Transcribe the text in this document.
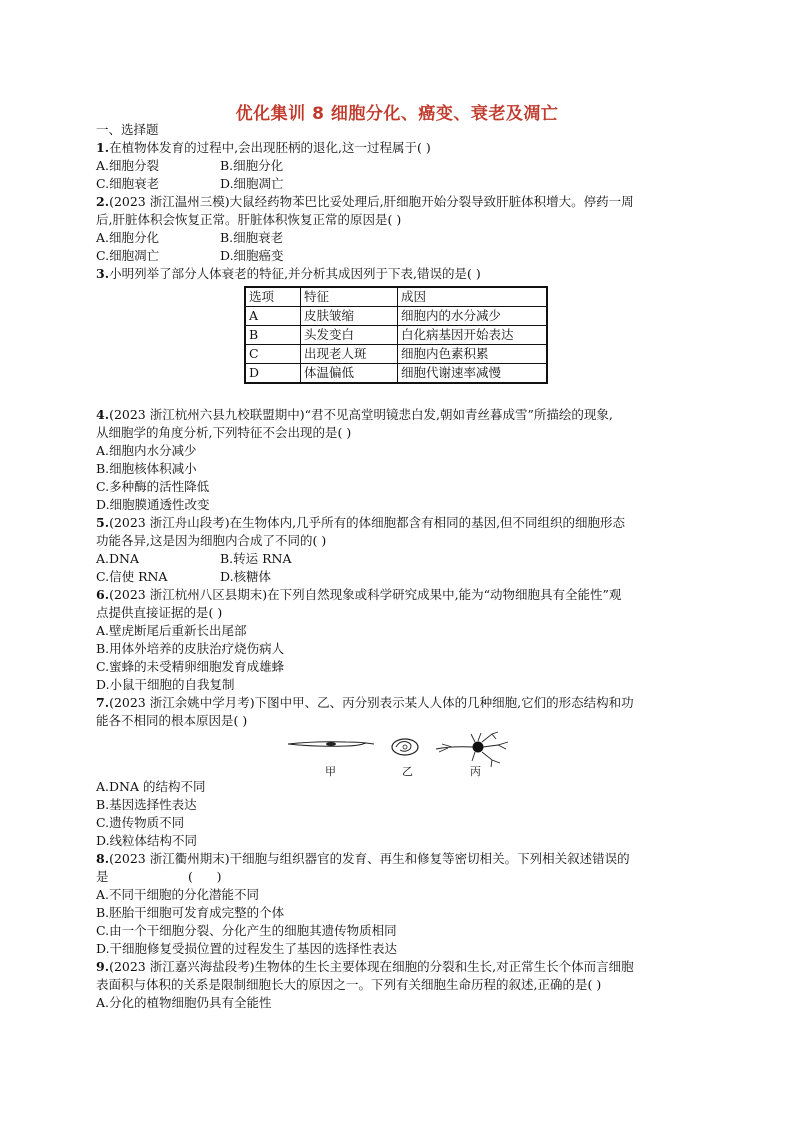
优化集训 8 细胞分化、癌变、衰老及凋亡
一、选择题
1.在植物体发育的过程中,会出现胚柄的退化,这一过程属于( )
A.细胞分裂	B.细胞分化
C.细胞衰老	D.细胞凋亡
2.(2023 浙江温州三模)大鼠经药物苯巴比妥处理后,肝细胞开始分裂导致肝脏体积增大。停药一周
后,肝脏体积会恢复正常。肝脏体积恢复正常的原因是( )
A.细胞分化	B.细胞衰老
C.细胞凋亡	D.细胞癌变
3.小明列举了部分人体衰老的特征,并分析其成因列于下表,错误的是( )
选项	特征	成因
A	皮肤皱缩	细胞内的水分减少
B	头发变白	白化病基因开始表达
C	出现老人斑	细胞内色素积累
D	体温偏低	细胞代谢速率减慢
4.(2023 浙江杭州六县九校联盟期中)“君不见高堂明镜悲白发,朝如青丝暮成雪”所描绘的现象,
从细胞学的角度分析,下列特征不会出现的是( )
A.细胞内水分减少
B.细胞核体积减小
C.多种酶的活性降低
D.细胞膜通透性改变
5.(2023 浙江舟山段考)在生物体内,几乎所有的体细胞都含有相同的基因,但不同组织的细胞形态
功能各异,这是因为细胞内合成了不同的( )
A.DNA	B.转运 RNA
C.信使 RNA	D.核糖体
6.(2023 浙江杭州八区县期末)在下列自然现象或科学研究成果中,能为“动物细胞具有全能性”观
点提供直接证据的是( )
A.壁虎断尾后重新长出尾部
B.用体外培养的皮肤治疗烧伤病人
C.蜜蜂的未受精卵细胞发育成雄蜂
D.小鼠干细胞的自我复制
7.(2023 浙江余姚中学月考)下图中甲、乙、丙分别表示某人人体的几种细胞,它们的形态结构和功
能各不相同的根本原因是( )
甲	乙	丙
A.DNA 的结构不同
B.基因选择性表达
C.遗传物质不同
D.线粒体结构不同
8.(2023 浙江衢州期末)干细胞与组织器官的发育、再生和修复等密切相关。下列相关叙述错误的
是                    (      )
A.不同干细胞的分化潜能不同
B.胚胎干细胞可发育成完整的个体
C.由一个干细胞分裂、分化产生的细胞其遗传物质相同
D.干细胞修复受损位置的过程发生了基因的选择性表达
9.(2023 浙江嘉兴海盐段考)生物体的生长主要体现在细胞的分裂和生长,对正常生长个体而言细胞
表面积与体积的关系是限制细胞长大的原因之一。下列有关细胞生命历程的叙述,正确的是( )
A.分化的植物细胞仍具有全能性
